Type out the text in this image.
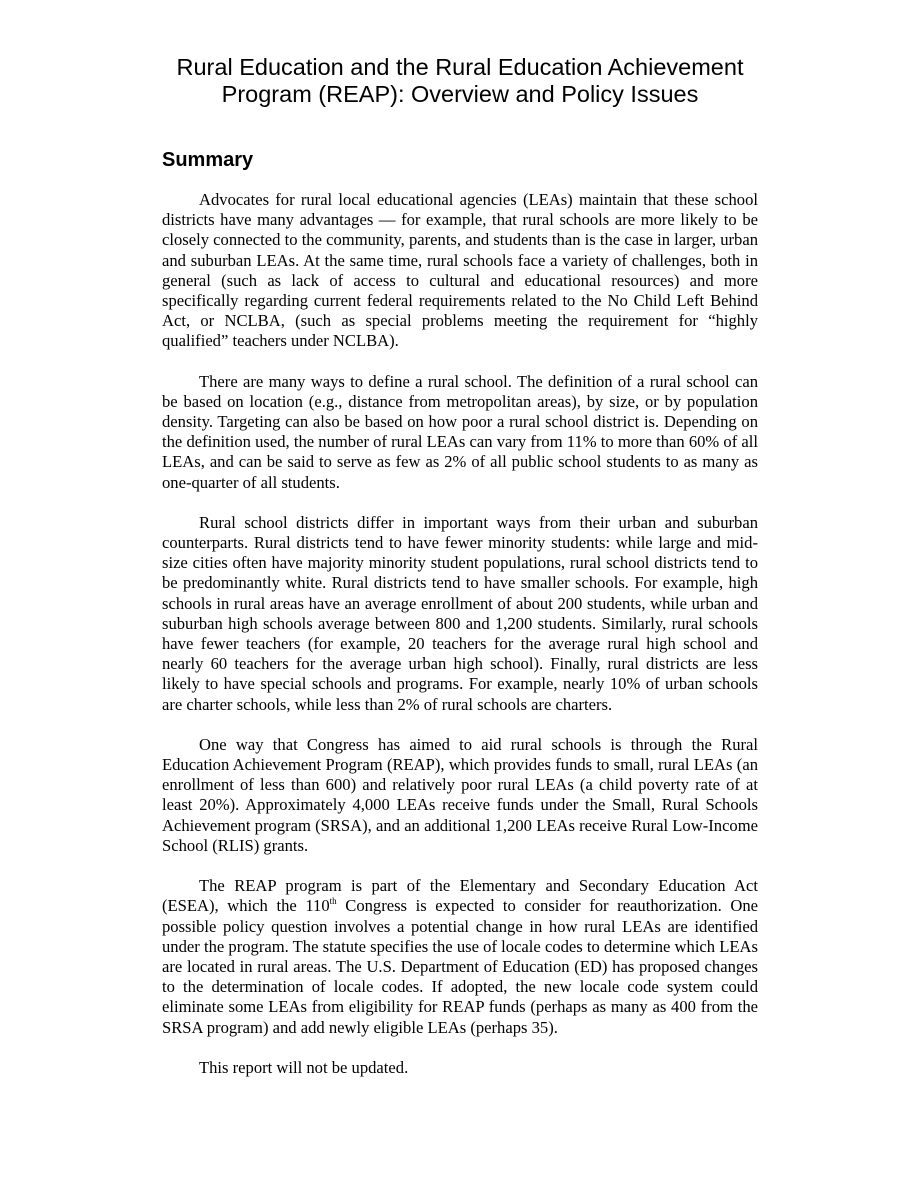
Rural Education and the Rural Education Achievement
Program (REAP): Overview and Policy Issues
Summary

Advocates for rural local educational agencies (LEAs) maintain that these school districts have many advantages — for example, that rural schools are more likely to be closely connected to the community, parents, and students than is the case in larger, urban and suburban LEAs. At the same time, rural schools face a variety of challenges, both in general (such as lack of access to cultural and educational resources) and more specifically regarding current federal requirements related to the No Child Left Behind Act, or NCLBA, (such as special problems meeting the requirement for “highly qualified” teachers under NCLBA).

There are many ways to define a rural school. The definition of a rural school can be based on location (e.g., distance from metropolitan areas), by size, or by population density. Targeting can also be based on how poor a rural school district is. Depending on the definition used, the number of rural LEAs can vary from 11% to more than 60% of all LEAs, and can be said to serve as few as 2% of all public school students to as many as one-quarter of all students.

Rural school districts differ in important ways from their urban and suburban counterparts. Rural districts tend to have fewer minority students: while large and mid-size cities often have majority minority student populations, rural school districts tend to be predominantly white. Rural districts tend to have smaller schools. For example, high schools in rural areas have an average enrollment of about 200 students, while urban and suburban high schools average between 800 and 1,200 students. Similarly, rural schools have fewer teachers (for example, 20 teachers for the average rural high school and nearly 60 teachers for the average urban high school). Finally, rural districts are less likely to have special schools and programs. For example, nearly 10% of urban schools are charter schools, while less than 2% of rural schools are charters.

One way that Congress has aimed to aid rural schools is through the Rural Education Achievement Program (REAP), which provides funds to small, rural LEAs (an enrollment of less than 600) and relatively poor rural LEAs (a child poverty rate of at least 20%). Approximately 4,000 LEAs receive funds under the Small, Rural Schools Achievement program (SRSA), and an additional 1,200 LEAs receive Rural Low-Income School (RLIS) grants.

The REAP program is part of the Elementary and Secondary Education Act (ESEA), which the 110th Congress is expected to consider for reauthorization. One possible policy question involves a potential change in how rural LEAs are identified under the program. The statute specifies the use of locale codes to determine which LEAs are located in rural areas. The U.S. Department of Education (ED) has proposed changes to the determination of locale codes. If adopted, the new locale code system could eliminate some LEAs from eligibility for REAP funds (perhaps as many as 400 from the SRSA program) and add newly eligible LEAs (perhaps 35).

This report will not be updated.
